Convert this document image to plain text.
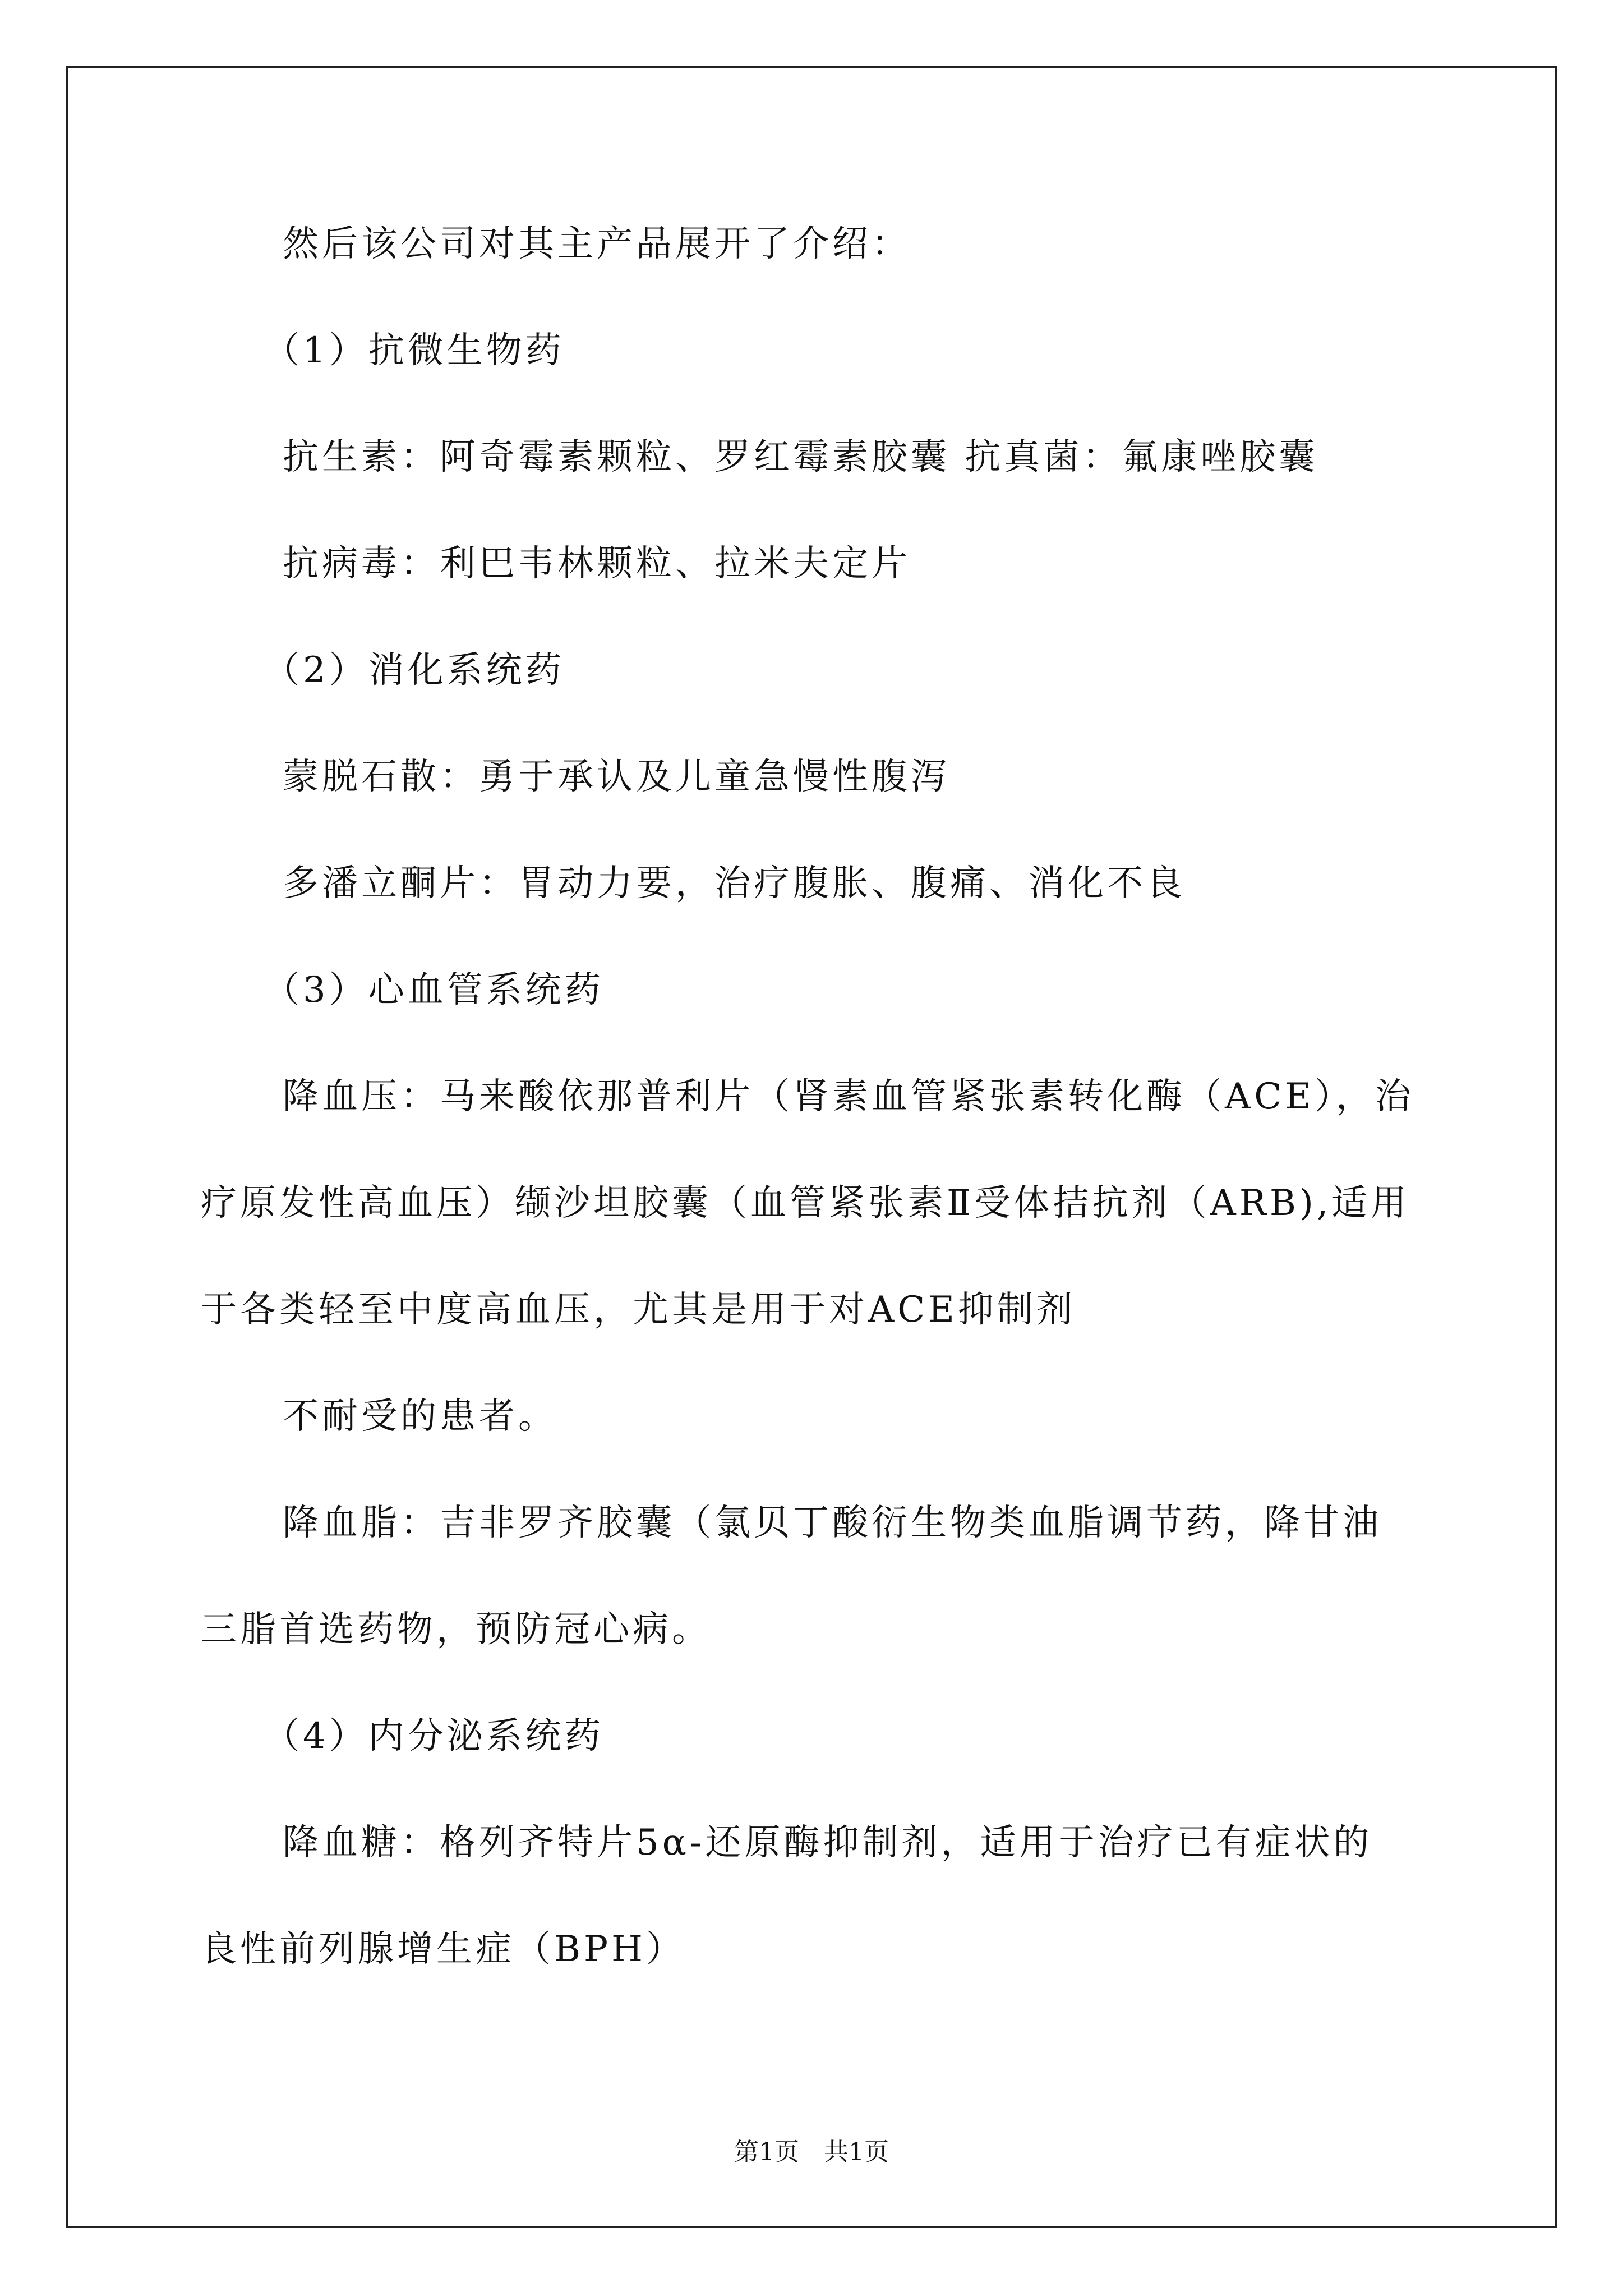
然后该公司对其主产品展开了介绍：
（1）抗微生物药
抗生素：阿奇霉素颗粒、罗红霉素胶囊 抗真菌：氟康唑胶囊
抗病毒：利巴韦林颗粒、拉米夫定片
（2）消化系统药
蒙脱石散：勇于承认及儿童急慢性腹泻
多潘立酮片：胃动力要，治疗腹胀、腹痛、消化不良
（3）心血管系统药
降血压：马来酸依那普利片（肾素血管紧张素转化酶（ACE），治
疗原发性高血压）缬沙坦胶囊（血管紧张素Ⅱ受体拮抗剂（ARB),适用
于各类轻至中度高血压，尤其是用于对ACE抑制剂
不耐受的患者。
降血脂：吉非罗齐胶囊（氯贝丁酸衍生物类血脂调节药，降甘油
三脂首选药物，预防冠心病。
（4）内分泌系统药
降血糖：格列齐特片5α-还原酶抑制剂，适用于治疗已有症状的
良性前列腺增生症（BPH）
第1页　共1页
